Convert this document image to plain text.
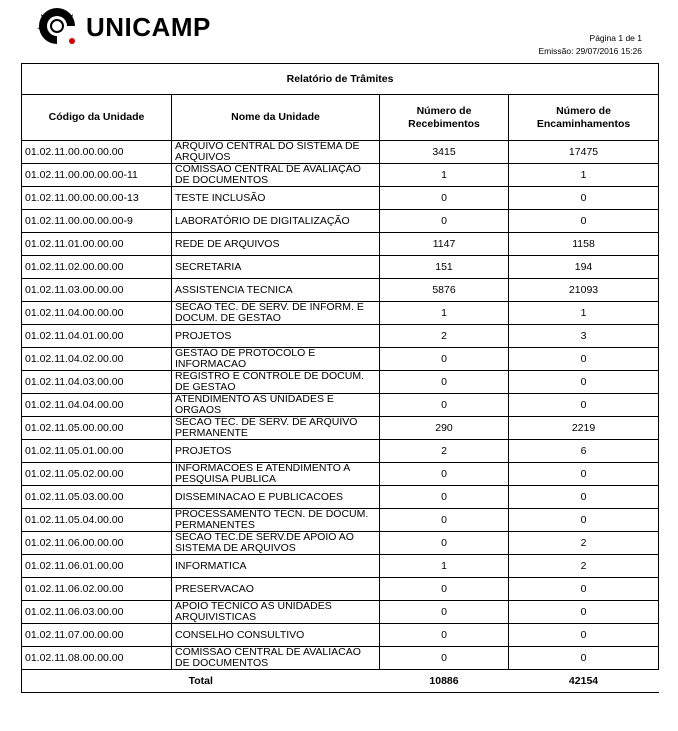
UNICAMP	Página 1 de 1
Emissão: 29/07/2016 15:26
Relatório de Trâmites			
Código da Unidade	Nome da Unidade	Número de Recebimentos	Número de Encaminhamentos
01.02.11.00.00.00.00	ARQUIVO CENTRAL DO SISTEMA DE ARQUIVOS	3415	17475
01.02.11.00.00.00.00-11	COMISSÃO CENTRAL DE AVALIAÇÃO DE DOCUMENTOS	1	1
01.02.11.00.00.00.00-13	TESTE INCLUSÃO	0	0
01.02.11.00.00.00.00-9	LABORATÓRIO DE DIGITALIZAÇÃO	0	0
01.02.11.01.00.00.00	REDE DE ARQUIVOS	1147	1158
01.02.11.02.00.00.00	SECRETARIA	151	194
01.02.11.03.00.00.00	ASSISTENCIA TECNICA	5876	21093
01.02.11.04.00.00.00	SECAO TEC. DE SERV. DE INFORM. E DOCUM. DE GESTAO	1	1
01.02.11.04.01.00.00	PROJETOS	2	3
01.02.11.04.02.00.00	GESTAO DE PROTOCOLO E INFORMACAO	0	0
01.02.11.04.03.00.00	REGISTRO E CONTROLE DE DOCUM. DE GESTAO	0	0
01.02.11.04.04.00.00	ATENDIMENTO AS UNIDADES E ORGAOS	0	0
01.02.11.05.00.00.00	SECAO TEC. DE SERV. DE ARQUIVO PERMANENTE	290	2219
01.02.11.05.01.00.00	PROJETOS	2	6
01.02.11.05.02.00.00	INFORMACOES E ATENDIMENTO A PESQUISA PUBLICA	0	0
01.02.11.05.03.00.00	DISSEMINACAO E PUBLICACOES	0	0
01.02.11.05.04.00.00	PROCESSAMENTO TECN. DE DOCUM. PERMANENTES	0	0
01.02.11.06.00.00.00	SECAO TEC.DE SERV.DE APOIO AO SISTEMA DE ARQUIVOS	0	2
01.02.11.06.01.00.00	INFORMATICA	1	2
01.02.11.06.02.00.00	PRESERVACAO	0	0
01.02.11.06.03.00.00	APOIO TECNICO AS UNIDADES ARQUIVISTICAS	0	0
01.02.11.07.00.00.00	CONSELHO CONSULTIVO	0	0
01.02.11.08.00.00.00	COMISSAO CENTRAL DE AVALIACAO DE DOCUMENTOS	0	0
Total		10886	42154
